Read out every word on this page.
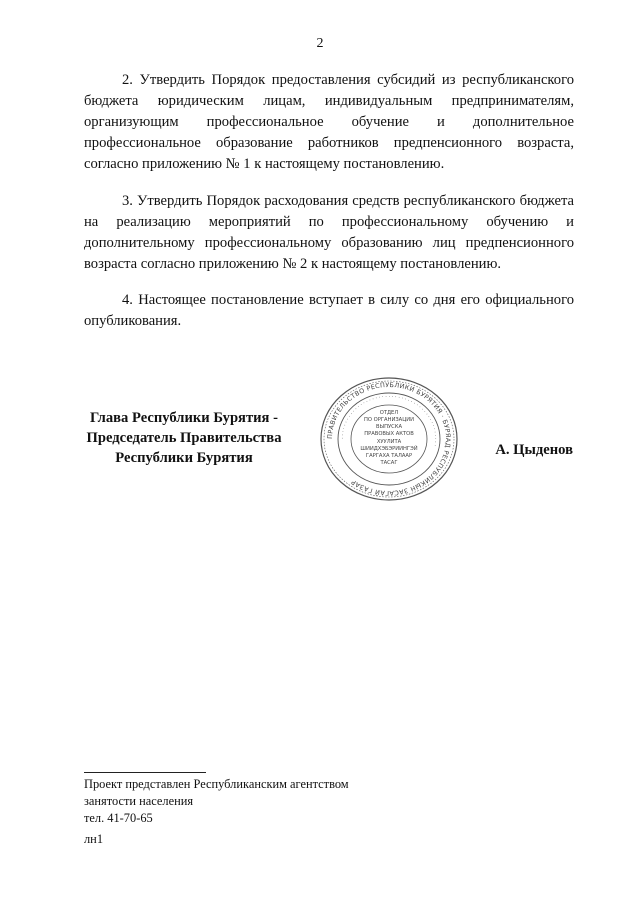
2

2. Утвердить Порядок предоставления субсидий из республиканского бюджета юридическим лицам, индивидуальным предпринимателям, организующим профессиональное обучение и дополнительное профессиональное образование работников предпенсионного возраста, согласно приложению № 1 к настоящему постановлению.

3. Утвердить Порядок расходования средств республиканского бюджета на реализацию мероприятий по профессиональному обучению и дополнительному профессиональному образованию лиц предпенсионного возраста согласно приложению № 2 к настоящему постановлению.

4. Настоящее постановление вступает в силу со дня его официального опубликования.

Глава Республики Бурятия -
Председатель Правительства
Республики Бурятия
ПРАВИТЕЛЬСТВО РЕСПУБЛИКИ БУРЯТИЯ · БУРЯАД РЕСПУБЛИКЫН ЗАСАГАЙ ГАЗАР
· · · · · · · · · · · · · · · · · · · · · · · · · · · · · · · · · · · · · · · · · · · · ·
ОТДЕЛ
ПО ОРГАНИЗАЦИИ
ВЫПУСКА
ПРАВОВЫХ АКТОВ
ХУУЛИТА
ШИИДХЭБЭРИИНГЭЙ
ГАРГАХА ТАЛААР
ТАСАГ
А. Цыденов

Проект представлен Республиканским агентством

занятости населения

тел. 41-70-65

лн1
